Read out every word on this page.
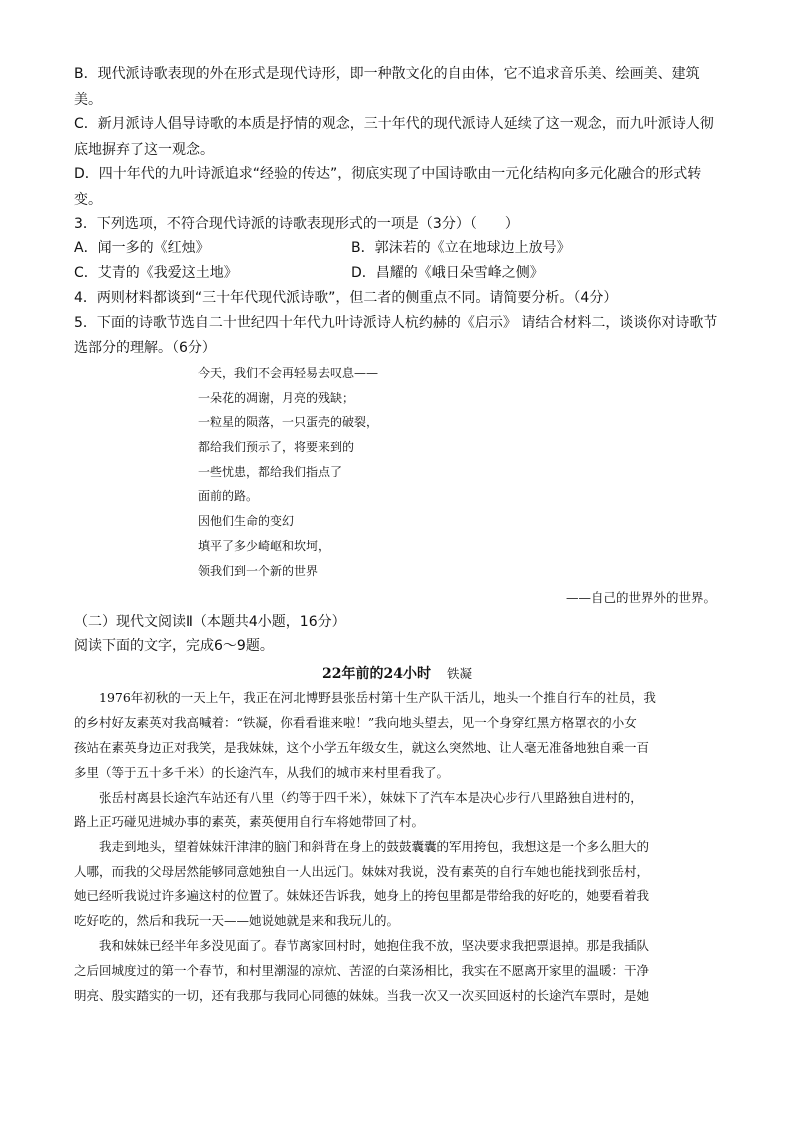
B．现代派诗歌表现的外在形式是现代诗形，即一种散文化的自由体，它不追求音乐美、绘画美、建筑
美。
C．新月派诗人倡导诗歌的本质是抒情的观念，三十年代的现代派诗人延续了这一观念，而九叶派诗人彻
底地摒弃了这一观念。
D．四十年代的九叶诗派追求“经验的传达”，彻底实现了中国诗歌由一元化结构向多元化融合的形式转
变。
3．下列选项，不符合现代诗派的诗歌表现形式的一项是（3分）（　　）
A．闻一多的《红烛》	B．郭沫若的《立在地球边上放号》
C．艾青的《我爱这土地》	D．昌耀的《峨日朵雪峰之侧》
4．两则材料都谈到“三十年代现代派诗歌”，但二者的侧重点不同。请简要分析。（4分）
5．下面的诗歌节选自二十世纪四十年代九叶诗派诗人杭约赫的《启示》 请结合材料二，谈谈你对诗歌节
选部分的理解。（6分）
今天，我们不会再轻易去叹息——
一朵花的凋谢，月亮的残缺；
一粒星的陨落，一只蛋壳的破裂，
都给我们预示了，将要来到的
一些忧患，都给我们指点了
面前的路。
因他们生命的变幻
填平了多少崎岖和坎坷，
领我们到一个新的世界
——自己的世界外的世界。
（二）现代文阅读Ⅱ（本题共4小题，16分）
阅读下面的文字，完成6～9题。
22年前的24小时 铁凝
1976年初秋的一天上午，我正在河北博野县张岳村第十生产队干活儿，地头一个推自行车的社员，我
的乡村好友素英对我高喊着：“铁凝，你看看谁来啦！”我向地头望去，见一个身穿红黑方格罩衣的小女
孩站在素英身边正对我笑，是我妹妹，这个小学五年级女生，就这么突然地、让人毫无准备地独自乘一百
多里（等于五十多千米）的长途汽车，从我们的城市来村里看我了。
张岳村离县长途汽车站还有八里（约等于四千米），妹妹下了汽车本是决心步行八里路独自进村的，
路上正巧碰见进城办事的素英，素英便用自行车将她带回了村。
我走到地头，望着妹妹汗津津的脑门和斜背在身上的鼓鼓囊囊的军用挎包，我想这是一个多么胆大的
人哪，而我的父母居然能够同意她独自一人出远门。妹妹对我说，没有素英的自行车她也能找到张岳村，
她已经听我说过许多遍这村的位置了。妹妹还告诉我，她身上的挎包里都是带给我的好吃的，她要看着我
吃好吃的，然后和我玩一天——她说她就是来和我玩儿的。
我和妹妹已经半年多没见面了。春节离家回村时，她抱住我不放，坚决要求我把票退掉。那是我插队
之后回城度过的第一个春节，和村里潮湿的凉炕、苦涩的白菜汤相比，我实在不愿离开家里的温暖：干净
明亮、殷实踏实的一切，还有我那与我同心同德的妹妹。当我一次又一次买回返村的长途汽车票时，是她
